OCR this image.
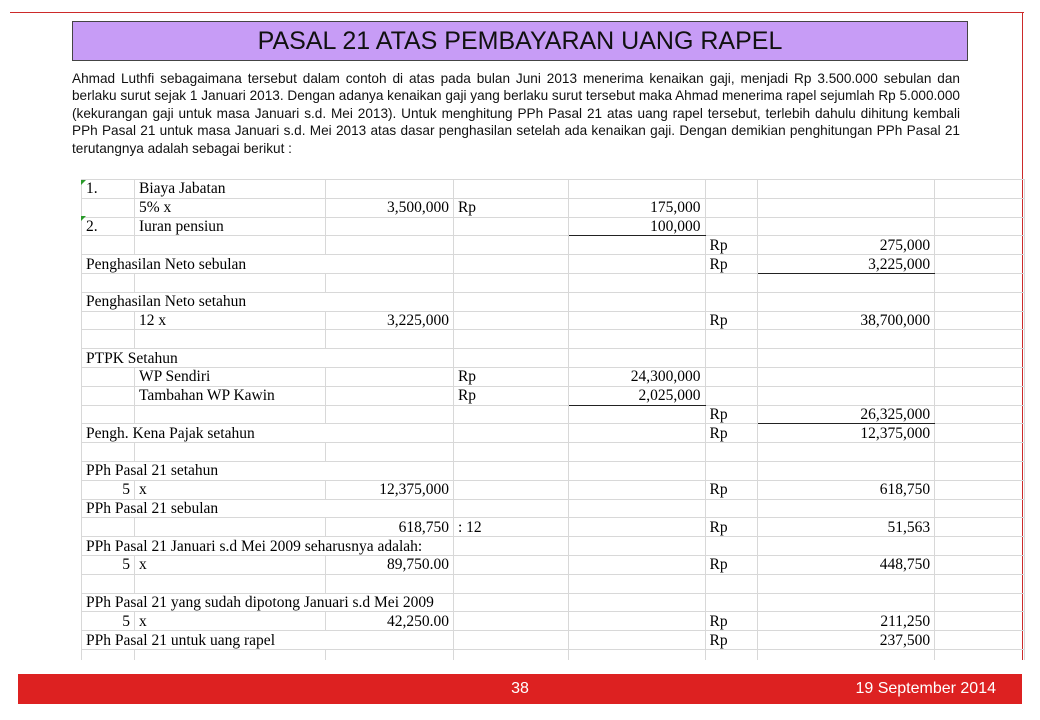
PASAL 21 ATAS PEMBAYARAN UANG RAPEL

Ahmad Luthfi sebagaimana tersebut dalam contoh di atas pada bulan Juni 2013 menerima kenaikan gaji, menjadi Rp 3.500.000 sebulan dan berlaku surut sejak 1 Januari 2013. Dengan adanya kenaikan gaji yang berlaku surut tersebut maka Ahmad menerima rapel sejumlah Rp 5.000.000 (kekurangan gaji untuk masa Januari s.d. Mei 2013). Untuk menghitung PPh Pasal 21 atas uang rapel tersebut, terlebih dahulu dihitung kembali PPh Pasal 21 untuk masa Januari s.d. Mei 2013 atas dasar penghasilan setelah ada kenaikan gaji. Dengan demikian penghitungan PPh Pasal 21 terutangnya adalah sebagai berikut :

1.	Biaya Jabatan						
	5% x	3,500,000	Rp	175,000			
2.	Iuran pensiun			100,000			
					Rp	275,000	
Penghasilan Neto sebulan					Rp	3,225,000	

Penghasilan Neto setahun							
	12 x	3,225,000			Rp	38,700,000	

PTPK Setahun							
	WP Sendiri		Rp	24,300,000			
	Tambahan WP Kawin		Rp	2,025,000			
					Rp	26,325,000	
Pengh. Kena Pajak setahun					Rp	12,375,000	

PPh Pasal 21 setahun							
5	x	12,375,000			Rp	618,750	
PPh Pasal 21 sebulan							
		618,750	: 12		Rp	51,563	
PPh Pasal 21 Januari s.d Mei 2009 seharusnya adalah:							
5	x	89,750.00			Rp	448,750	

PPh Pasal 21 yang sudah dipotong Januari s.d Mei 2009							
5	x	42,250.00			Rp	211,250	
PPh Pasal 21 untuk uang rapel					Rp	237,500	

38	19 September 2014
